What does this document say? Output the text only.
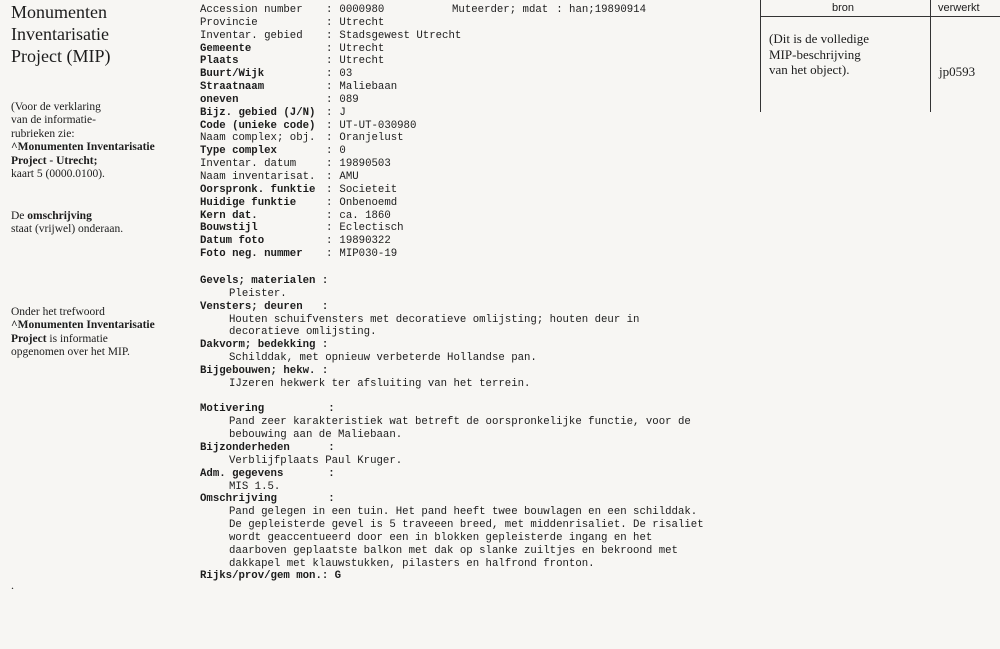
Monumenten
Inventarisatie
Project (MIP)
(Voor de verklaring
van de informatie-
rubrieken zie:
^Monumenten Inventarisatie
Project - Utrecht;
kaart 5 (0000.0100).
De omschrijving
staat (vrijwel) onderaan.
Onder het trefwoord
^Monumenten Inventarisatie
Project is informatie
opgenomen over het MIP.
.
Accession number : 0000980
Provincie	: Utrecht
Inventar. gebied : Stadsgewest Utrecht
Gemeente	: Utrecht
Plaats	: Utrecht
Buurt/Wijk	: 03
Straatnaam	: Maliebaan
oneven	: 089
Bijz. gebied (J/N) : J
Code (unieke code) : UT-UT-030980
Naam complex; obj. : Oranjelust
Type complex	: 0
Inventar. datum	: 19890503
Naam inventarisat. : AMU
Oorspronk. funktie : Societeit
Huidige funktie	: Onbenoemd
Kern dat.	: ca. 1860
Bouwstijl	: Eclectisch
Datum foto	: 19890322
Foto neg. nummer : MIP030-19
Muteerder; mdat : han;19890914
Gevels; materialen :
Pleister.
Vensters; deuren   :
Houten schuifvensters met decoratieve omlijsting; houten deur in
decoratieve omlijsting.
Dakvorm; bedekking :
Schilddak, met opnieuw verbeterde Hollandse pan.
Bijgebouwen; hekw. :
IJzeren hekwerk ter afsluiting van het terrein.
Motivering          :
Pand zeer karakteristiek wat betreft de oorspronkelijke functie, voor de
bebouwing aan de Maliebaan.
Bijzonderheden      :
Verblijfplaats Paul Kruger.
Adm. gegevens       :
MIS 1.5.
Omschrijving        :
Pand gelegen in een tuin. Het pand heeft twee bouwlagen en een schilddak.
De gepleisterde gevel is 5 traveeen breed, met middenrisaliet. De risaliet
wordt geaccentueerd door een in blokken gepleisterde ingang en het
daarboven geplaatste balkon met dak op slanke zuiltjes en bekroond met
dakkapel met klauwstukken, pilasters en halfrond fronton.
Rijks/prov/gem mon.: G
bron	verwerkt
(Dit is de volledige
MIP-beschrijving
van het object).	jp0593
